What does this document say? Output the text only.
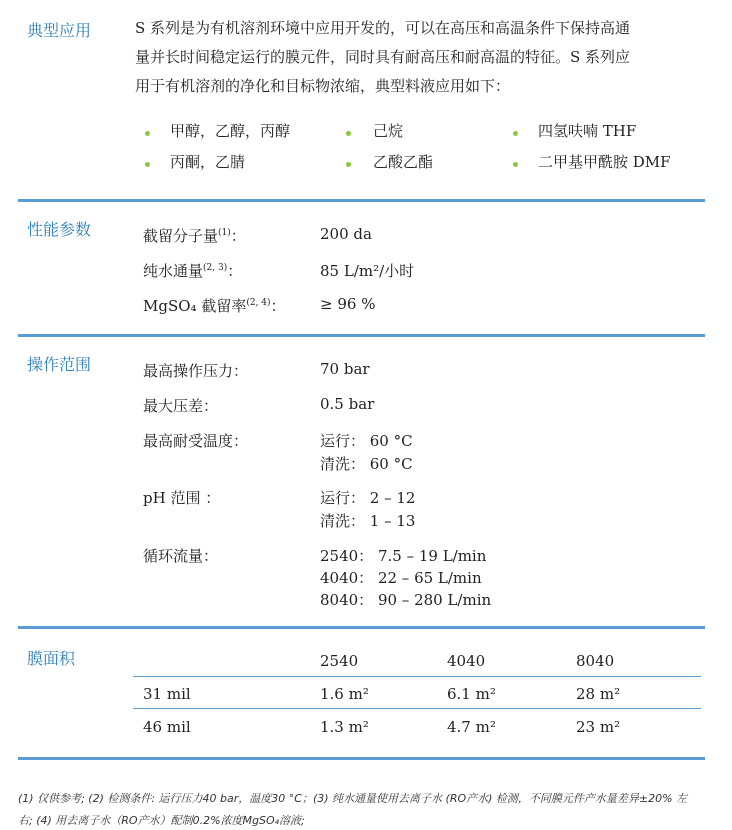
典型应用	S 系列是为有机溶剂环境中应用开发的，可以在高压和高温条件下保持高通
量并长时间稳定运行的膜元件，同时具有耐高压和耐高温的特征。S 系列应
用于有机溶剂的净化和目标物浓缩，典型料液应用如下：
甲醇，乙醇，丙醇	己烷	四氢呋喃 THF
丙酮，乙腈	乙酸乙酯	二甲基甲酰胺 DMF
性能参数	截留分子量$^{(1)}$：	200 da
纯水通量$^{(2, 3)}$：	85 L/m²/小时
MgSO₄ 截留率$^{(2, 4)}$： ≥ 96 %
操作范围	最高操作压力：	70 bar
最大压差：	0.5 bar
最高耐受温度：	运行： 60 °C
清洗： 60 °C
pH 范围 ：	运行： 2 – 12
清洗： 1 – 13
循环流量：	2540： 7.5 – 19 L/min
4040： 22 – 65 L/min
8040： 90 – 280 L/min
膜面积	2540	4040	8040
31 mil	1.6 m²	6.1 m²	28 m²
46 mil	1.3 m²	4.7 m²	23 m²
(1) 仅供参考; (2) 检测条件: 运行压力40 bar，温度30 °C；(3) 纯水通量使用去离子水 (RO产水) 检测，不同膜元件产水量差异±20% 左
右; (4) 用去离子水（RO产水）配制0.2%浓度MgSO₄溶液;
